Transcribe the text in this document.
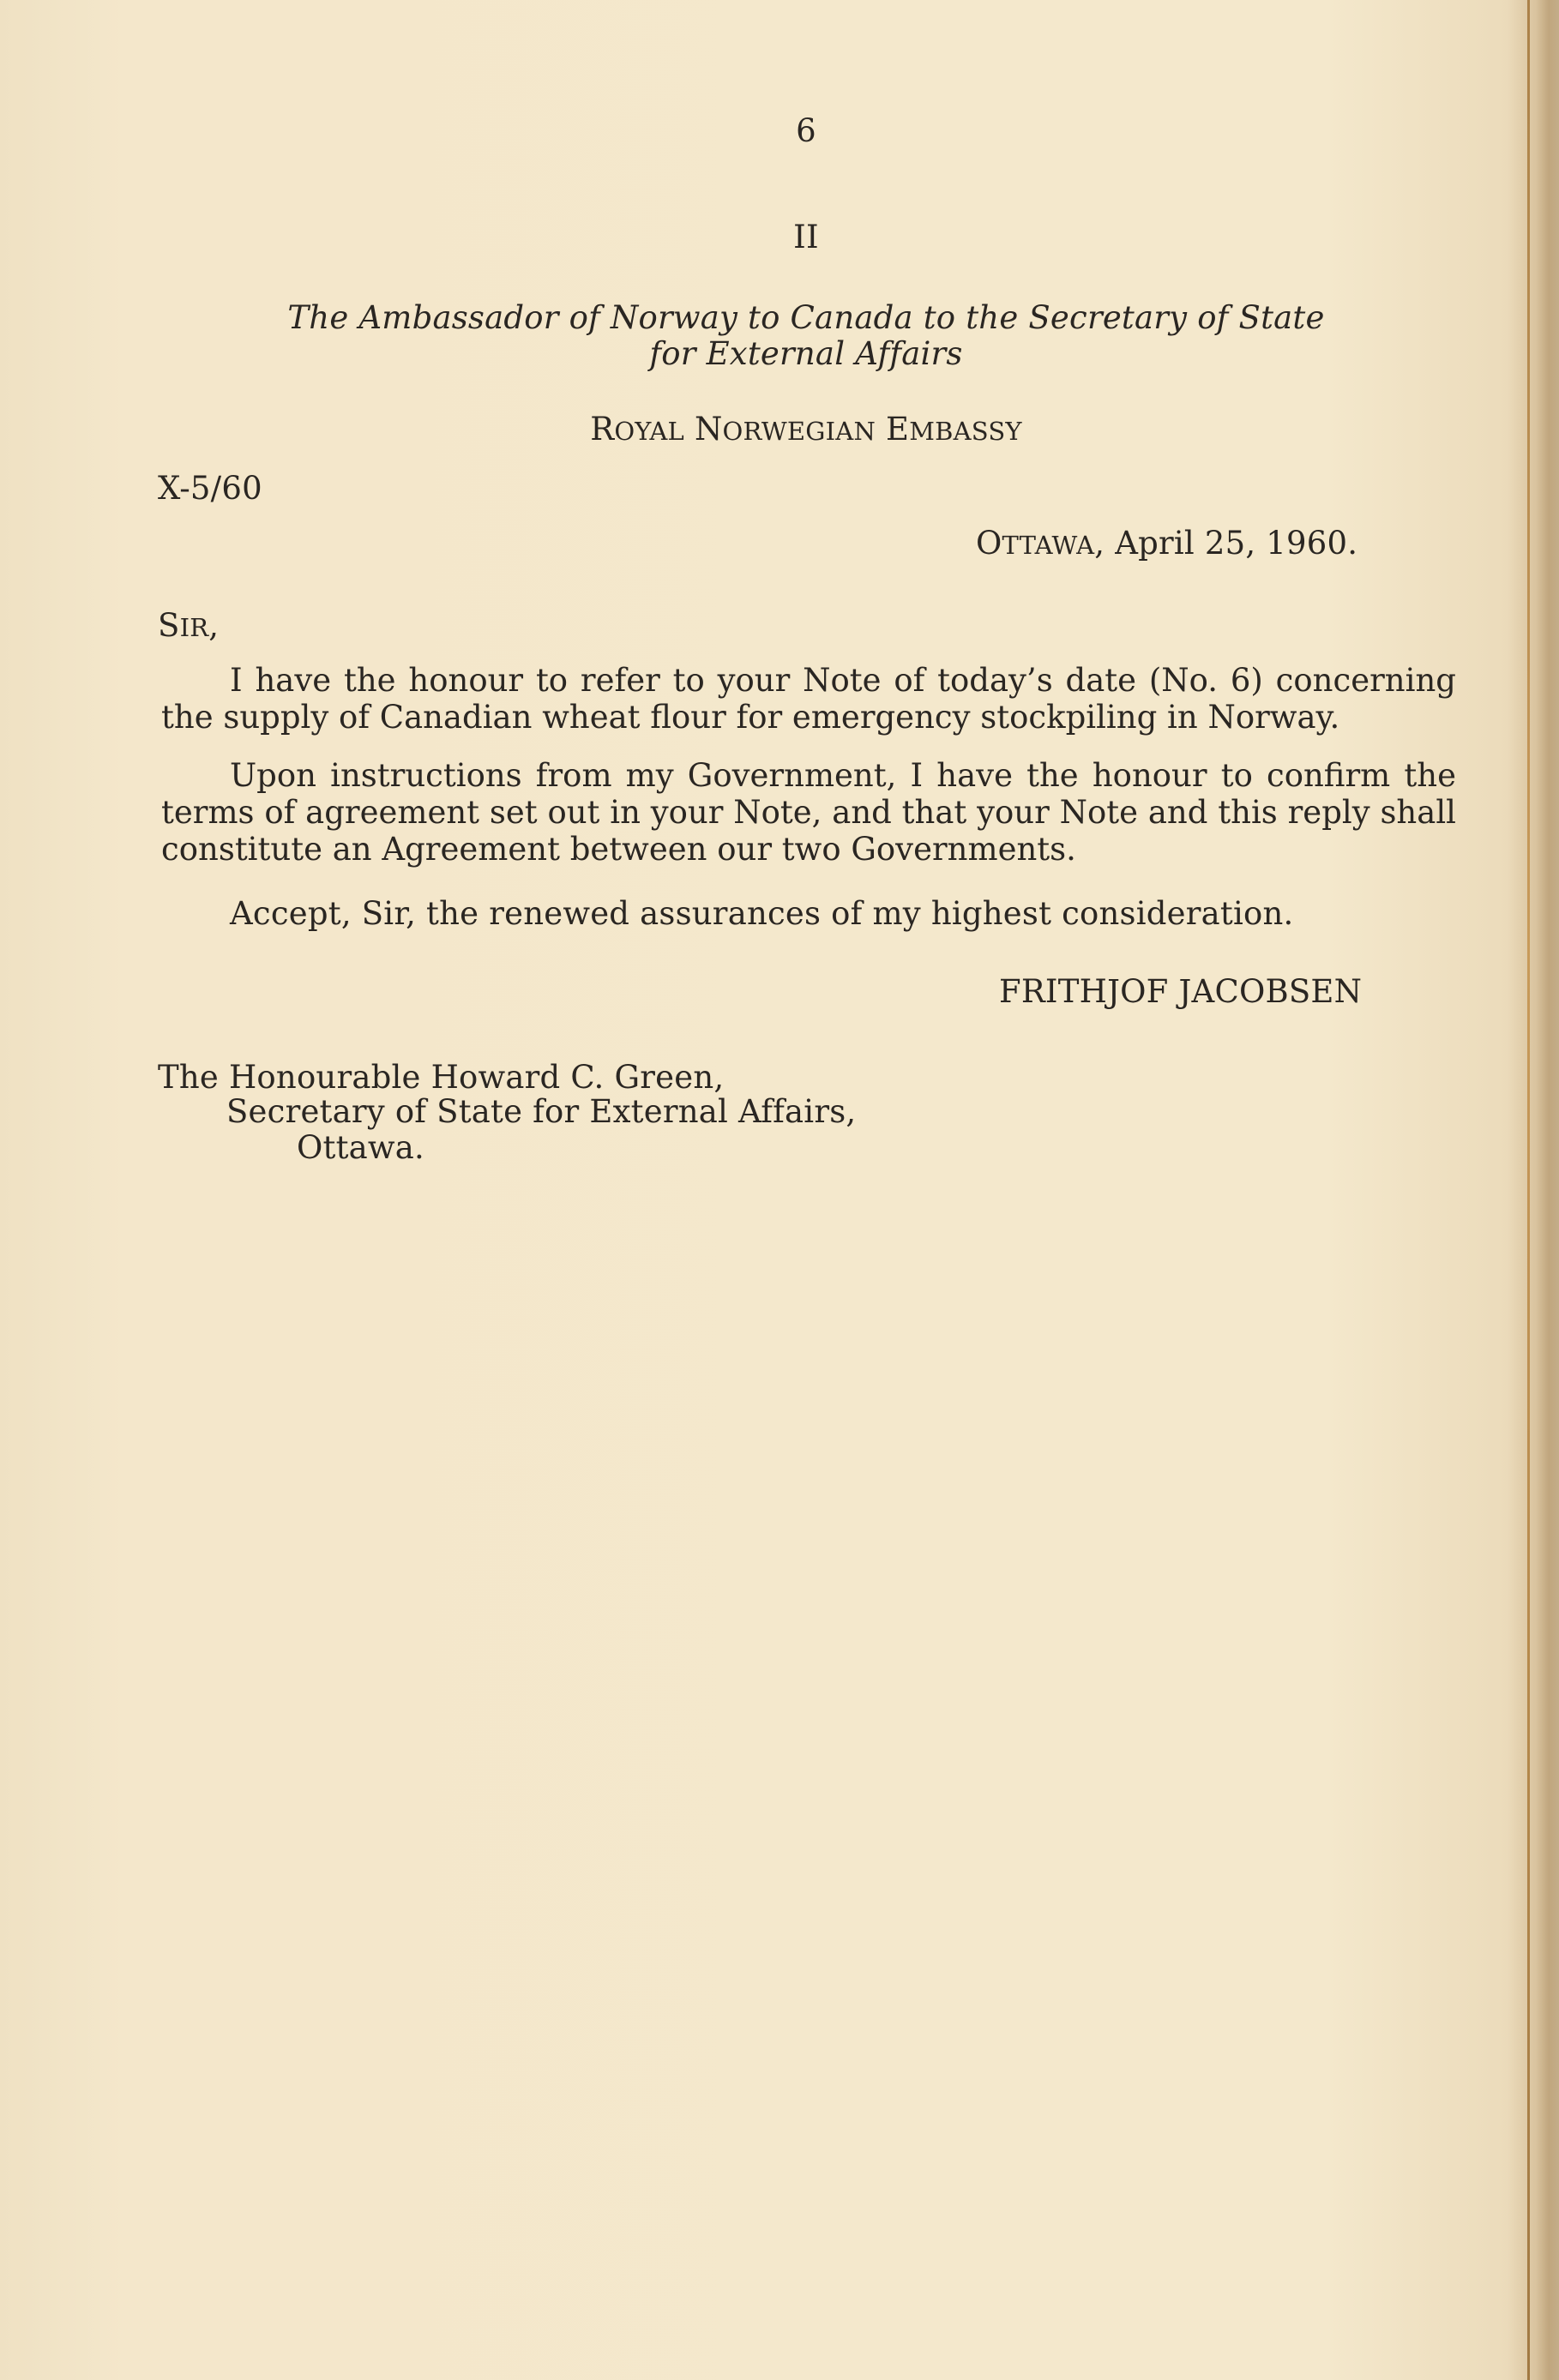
6
II
The Ambassador of Norway to Canada to the Secretary of State
for External Affairs
ROYAL NORWEGIAN EMBASSY
X-5/60
OTTAWA, April 25, 1960.
SIR,
I have the honour to refer to your Note of today’s date (No. 6) concerning the supply of Canadian wheat flour for emergency stockpiling in Norway.
Upon instructions from my Government, I have the honour to confirm the terms of agreement set out in your Note, and that your Note and this reply shall constitute an Agreement between our two Governments.
Accept, Sir, the renewed assurances of my highest consideration.
FRITHJOF JACOBSEN
The Honourable Howard C. Green,
Secretary of State for External Affairs,
Ottawa.
